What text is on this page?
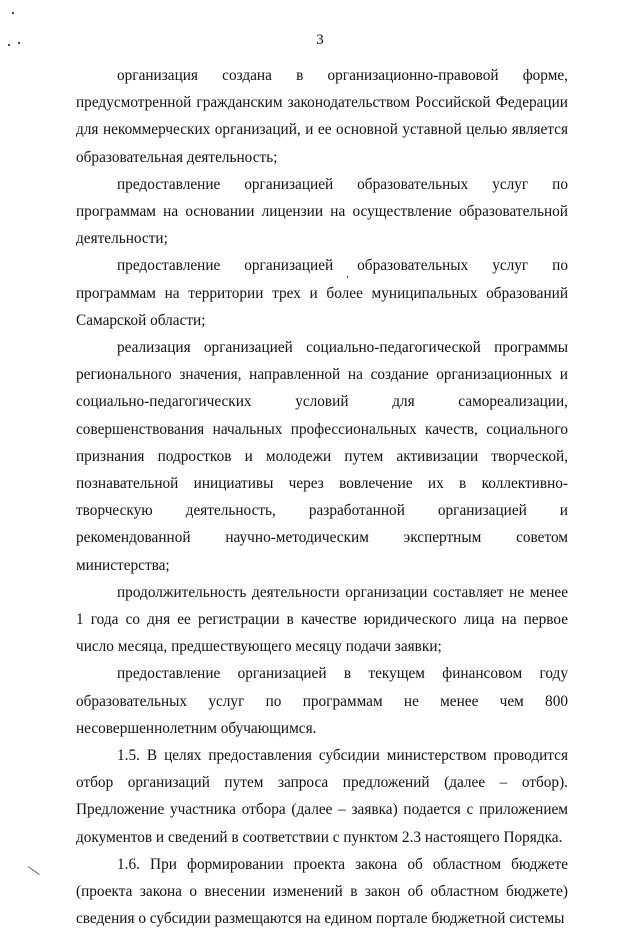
3

организация создана в организационно-правовой форме, предусмотренной гражданским законодательством Российской Федерации для некоммерческих организаций, и ее основной уставной целью является образовательная деятельность;

предоставление организацией образовательных услуг по программам на основании лицензии на осуществление образовательной деятельности;

предоставление организацией образовательных услуг по программам на территории трех и более муниципальных образований Самарской области;

реализация организацией социально-педагогической программы регионального значения, направленной на создание организационных и социально-педагогических условий для самореализации, совершенствования начальных профессиональных качеств, социального признания подростков и молодежи путем активизации творческой, познавательной инициативы через вовлечение их в коллективно-творческую деятельность, разработанной организацией и рекомендованной научно-методическим экспертным советом министерства;

продолжительность деятельности организации составляет не менее 1 года со дня ее регистрации в качестве юридического лица на первое число месяца, предшествующего месяцу подачи заявки;

предоставление организацией в текущем финансовом году образовательных услуг по программам не менее чем 800 несовершеннолетним обучающимся.

1.5. В целях предоставления субсидии министерством проводится отбор организаций путем запроса предложений (далее – отбор). Предложение участника отбора (далее – заявка) подается с приложением документов и сведений в соответствии с пунктом 2.3 настоящего Порядка.

1.6. При формировании проекта закона об областном бюджете (проекта закона о внесении изменений в закон об областном бюджете) сведения о субсидии размещаются на едином портале бюджетной системы
